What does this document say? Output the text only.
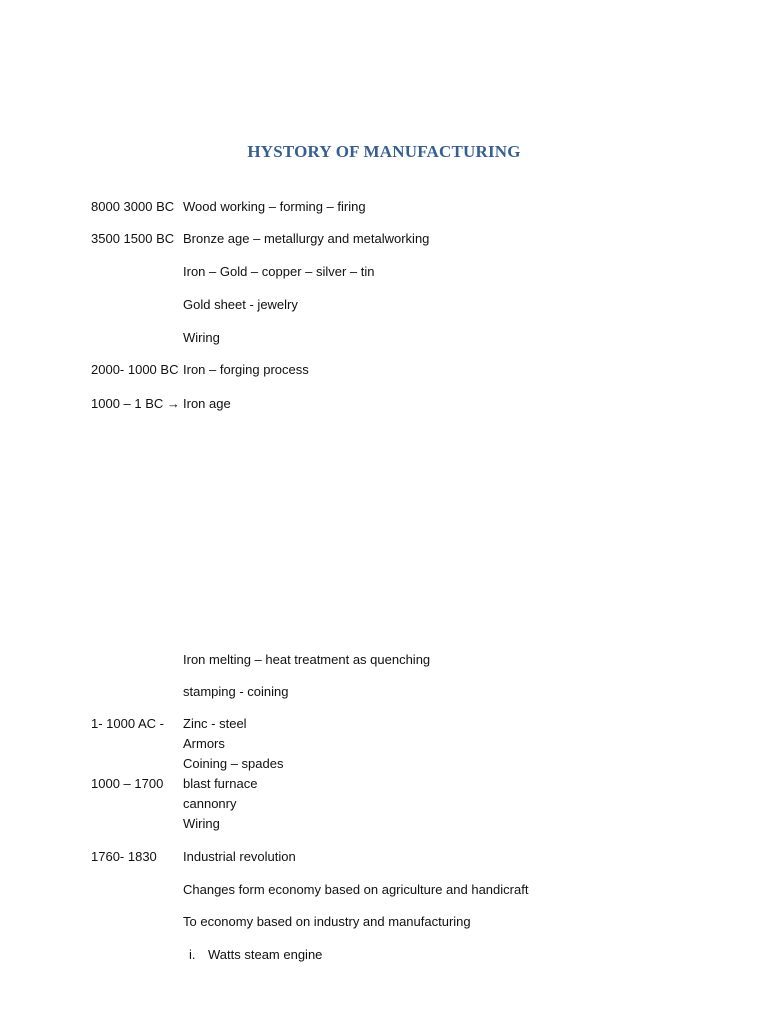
HYSTORY OF MANUFACTURING
8000 3000 BC Wood working – forming – firing
3500 1500 BC Bronze age – metallurgy and metalworking
Iron – Gold – copper – silver – tin
Gold sheet - jewelry
Wiring
2000- 1000 BC Iron – forging process
1000 – 1 BC → Iron age
Iron melting – heat treatment as quenching
stamping - coining
1- 1000 AC - Zinc - steel
Armors
Coining – spades
1000 – 1700 blast furnace
cannonry
Wiring
1760- 1830 Industrial revolution
Changes form economy based on agriculture and handicraft
To economy based on industry and manufacturing
i. Watts steam engine
